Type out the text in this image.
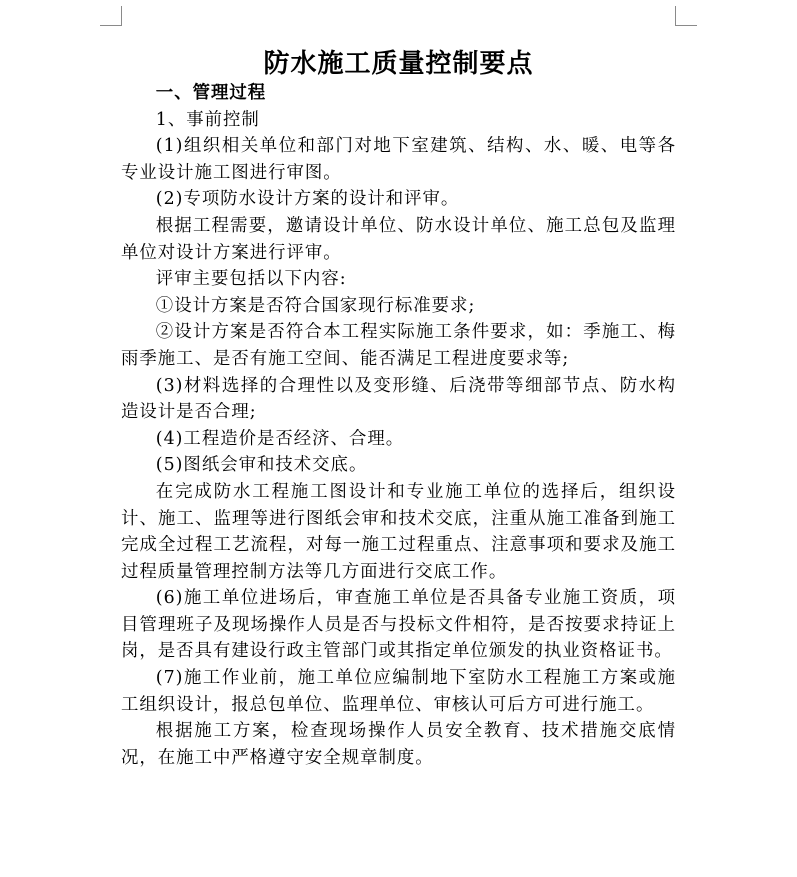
防水施工质量控制要点

一、管理过程

1、事前控制

(1)组织相关单位和部门对地下室建筑、结构、水、暖、电等各专业设计施工图进行审图。

(2)专项防水设计方案的设计和评审。

根据工程需要，邀请设计单位、防水设计单位、施工总包及监理单位对设计方案进行评审。

评审主要包括以下内容:

①设计方案是否符合国家现行标准要求;

②设计方案是否符合本工程实际施工条件要求，如：季施工、梅雨季施工、是否有施工空间、能否满足工程进度要求等;

(3)材料选择的合理性以及变形缝、后浇带等细部节点、防水构造设计是否合理;

(4)工程造价是否经济、合理。

(5)图纸会审和技术交底。

在完成防水工程施工图设计和专业施工单位的选择后，组织设计、施工、监理等进行图纸会审和技术交底，注重从施工准备到施工完成全过程工艺流程，对每一施工过程重点、注意事项和要求及施工过程质量管理控制方法等几方面进行交底工作。

(6)施工单位进场后，审查施工单位是否具备专业施工资质，项目管理班子及现场操作人员是否与投标文件相符，是否按要求持证上岗，是否具有建设行政主管部门或其指定单位颁发的执业资格证书。

(7)施工作业前，施工单位应编制地下室防水工程施工方案或施工组织设计，报总包单位、监理单位、审核认可后方可进行施工。

根据施工方案，检查现场操作人员安全教育、技术措施交底情况，在施工中严格遵守安全规章制度。
